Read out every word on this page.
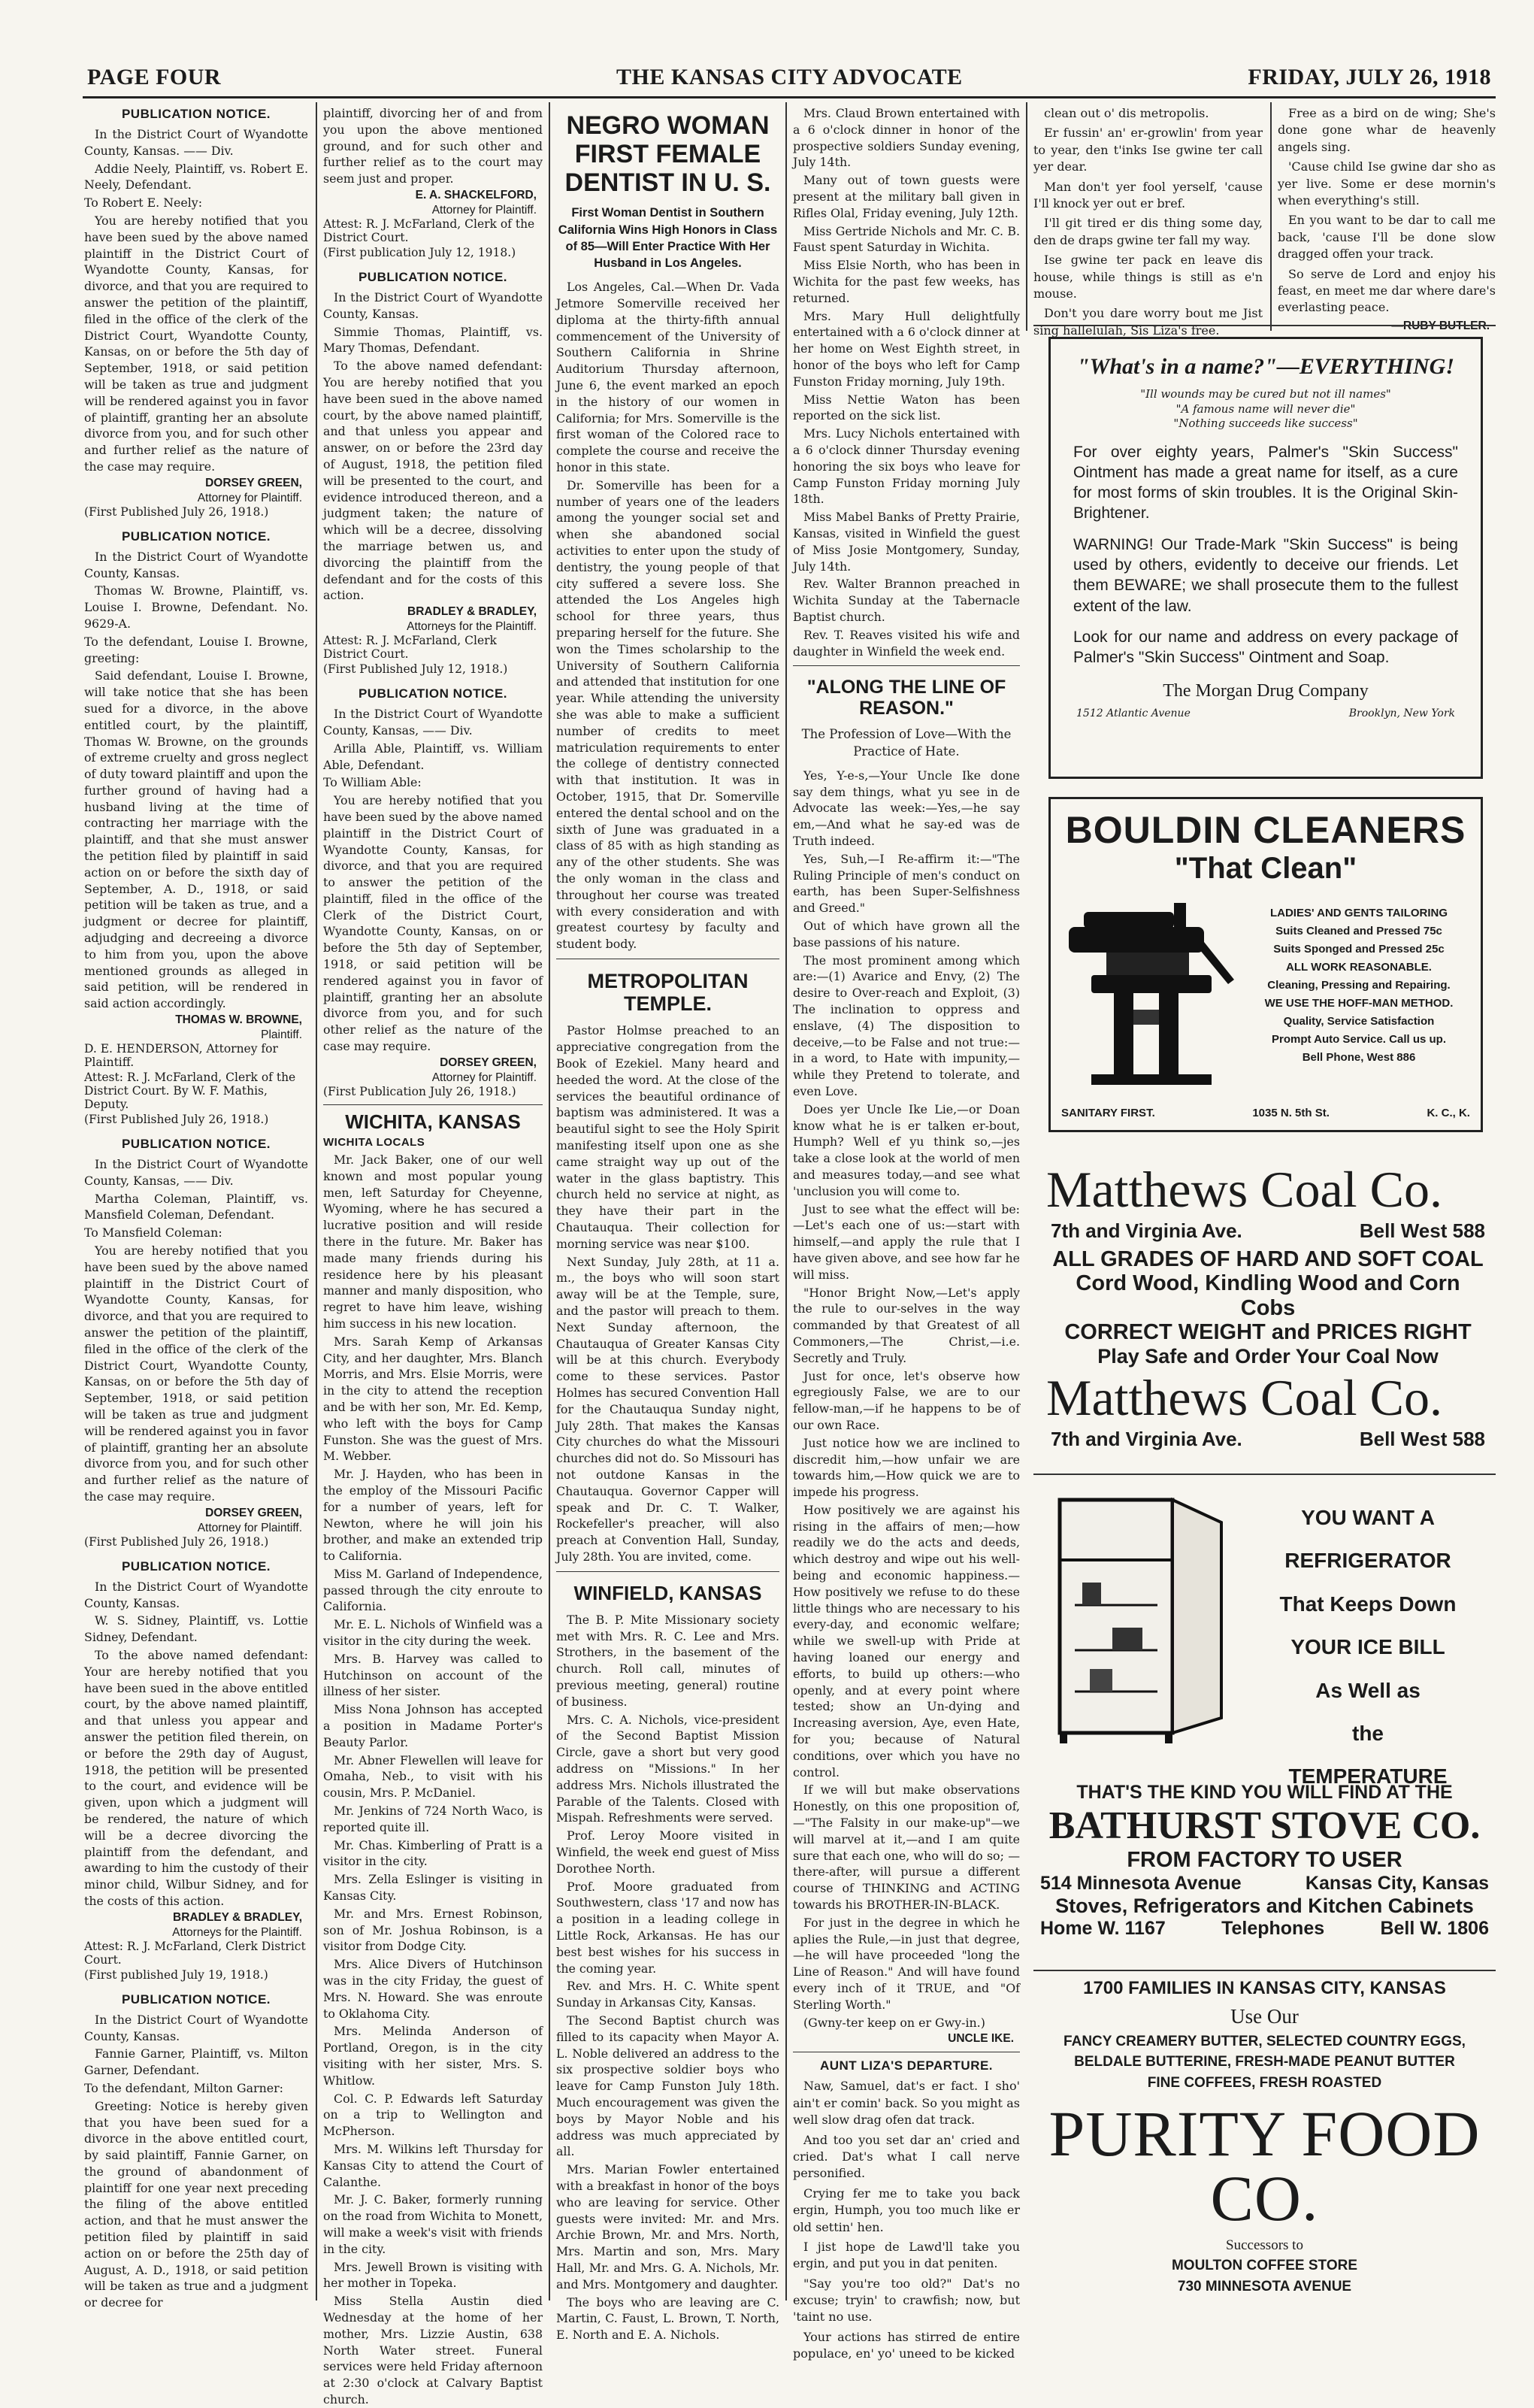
PAGE FOUR	THE KANSAS CITY ADVOCATE	FRIDAY, JULY 26, 1918
PUBLICATION NOTICE.

In the District Court of Wyandotte County, Kansas. —— Div.

Addie Neely, Plaintiff, vs. Robert E. Neely, Defendant.

To Robert E. Neely:

You are hereby notified that you have been sued by the above named plaintiff in the District Court of Wyandotte County, Kansas, for divorce, and that you are required to answer the petition of the plaintiff, filed in the office of the clerk of the District Court, Wyandotte County, Kansas, on or before the 5th day of September, 1918, or said petition will be taken as true and judgment will be rendered against you in favor of plaintiff, granting her an absolute divorce from you, and for such other and further relief as the nature of the case may require.

DORSEY GREEN,
Attorney for Plaintiff.

(First Published July 26, 1918.)

PUBLICATION NOTICE.

In the District Court of Wyandotte County, Kansas.

Thomas W. Browne, Plaintiff, vs. Louise I. Browne, Defendant. No. 9629-A.

To the defendant, Louise I. Browne, greeting:

Said defendant, Louise I. Browne, will take notice that she has been sued for a divorce, in the above entitled court, by the plaintiff, Thomas W. Browne, on the grounds of extreme cruelty and gross neglect of duty toward plaintiff and upon the further ground of having had a husband living at the time of contracting her marriage with the plaintiff, and that she must answer the petition filed by plaintiff in said action on or before the sixth day of September, A. D., 1918, or said petition will be taken as true, and a judgment or decree for plaintiff, adjudging and decreeing a divorce to him from you, upon the above mentioned grounds as alleged in said petition, will be rendered in said action accordingly.

THOMAS W. BROWNE,
Plaintiff.

D. E. HENDERSON, Attorney for Plaintiff.

Attest: R. J. McFarland, Clerk of the District Court. By W. F. Mathis, Deputy.

(First Published July 26, 1918.)

PUBLICATION NOTICE.

In the District Court of Wyandotte County, Kansas, —— Div.

Martha Coleman, Plaintiff, vs. Mansfield Coleman, Defendant.

To Mansfield Coleman:

You are hereby notified that you have been sued by the above named plaintiff in the District Court of Wyandotte County, Kansas, for divorce, and that you are required to answer the petition of the plaintiff, filed in the office of the clerk of the District Court, Wyandotte County, Kansas, on or before the 5th day of September, 1918, or said petition will be taken as true and judgment will be rendered against you in favor of plaintiff, granting her an absolute divorce from you, and for such other and further relief as the nature of the case may require.

DORSEY GREEN,
Attorney for Plaintiff.

(First Published July 26, 1918.)

PUBLICATION NOTICE.

In the District Court of Wyandotte County, Kansas.

W. S. Sidney, Plaintiff, vs. Lottie Sidney, Defendant.

To the above named defendant: Your are hereby notified that you have been sued in the above entitled court, by the above named plaintiff, and that unless you appear and answer the petition filed therein, on or before the 29th day of August, 1918, the petition will be presented to the court, and evidence will be given, upon which a judgment will be rendered, the nature of which will be a decree divorcing the plaintiff from the defendant, and awarding to him the custody of their minor child, Wilbur Sidney, and for the costs of this action.

BRADLEY & BRADLEY,
Attorneys for the Plaintiff.

Attest: R. J. McFarland, Clerk District Court.

(First published July 19, 1918.)

PUBLICATION NOTICE.

In the District Court of Wyandotte County, Kansas.

Fannie Garner, Plaintiff, vs. Milton Garner, Defendant.

To the defendant, Milton Garner:

Greeting: Notice is hereby given that you have been sued for a divorce in the above entitled court, by said plaintiff, Fannie Garner, on the ground of abandonment of plaintiff for one year next preceding the filing of the above entitled action, and that he must answer the petition filed by plaintiff in said action on or before the 25th day of August, A. D., 1918, or said petition will be taken as true and a judgment or decree for

plaintiff, divorcing her of and from you upon the above mentioned ground, and for such other and further relief as to the court may seem just and proper.

E. A. SHACKELFORD,
Attorney for Plaintiff.

Attest: R. J. McFarland, Clerk of the District Court.

(First publication July 12, 1918.)

PUBLICATION NOTICE.

In the District Court of Wyandotte County, Kansas.

Simmie Thomas, Plaintiff, vs. Mary Thomas, Defendant.

To the above named defendant: You are hereby notified that you have been sued in the above named court, by the above named plaintiff, and that unless you appear and answer, on or before the 23rd day of August, 1918, the petition filed will be presented to the court, and evidence introduced thereon, and a judgment taken; the nature of which will be a decree, dissolving the marriage betwen us, and divorcing the plaintiff from the defendant and for the costs of this action.

BRADLEY & BRADLEY,
Attorneys for the Plaintiff.

Attest: R. J. McFarland, Clerk District Court.

(First Published July 12, 1918.)

PUBLICATION NOTICE.

In the District Court of Wyandotte County, Kansas, —— Div.

Arilla Able, Plaintiff, vs. William Able, Defendant.

To William Able:

You are hereby notified that you have been sued by the above named plaintiff in the District Court of Wyandotte County, Kansas, for divorce, and that you are required to answer the petition of the plaintiff, filed in the office of the Clerk of the District Court, Wyandotte County, Kansas, on or before the 5th day of September, 1918, or said petition will be rendered against you in favor of plaintiff, granting her an absolute divorce from you, and for such other relief as the nature of the case may require.

DORSEY GREEN,
Attorney for Plaintiff.

(First Publication July 26, 1918.)

WICHITA, KANSAS
WICHITA LOCALS

Mr. Jack Baker, one of our well known and most popular young men, left Saturday for Cheyenne, Wyoming, where he has secured a lucrative position and will reside there in the future. Mr. Baker has made many friends during his residence here by his pleasant manner and manly disposition, who regret to have him leave, wishing him success in his new location.

Mrs. Sarah Kemp of Arkansas City, and her daughter, Mrs. Blanch Morris, and Mrs. Elsie Morris, were in the city to attend the reception and be with her son, Mr. Ed. Kemp, who left with the boys for Camp Funston. She was the guest of Mrs. M. Webber.

Mr. J. Hayden, who has been in the employ of the Missouri Pacific for a number of years, left for Newton, where he will join his brother, and make an extended trip to California.

Miss M. Garland of Independence, passed through the city enroute to California.

Mr. E. L. Nichols of Winfield was a visitor in the city during the week.

Mrs. B. Harvey was called to Hutchinson on account of the illness of her sister.

Miss Nona Johnson has accepted a position in Madame Porter's Beauty Parlor.

Mr. Abner Flewellen will leave for Omaha, Neb., to visit with his cousin, Mrs. P. McDaniel.

Mr. Jenkins of 724 North Waco, is reported quite ill.

Mr. Chas. Kimberling of Pratt is a visitor in the city.

Mrs. Zella Eslinger is visiting in Kansas City.

Mr. and Mrs. Ernest Robinson, son of Mr. Joshua Robinson, is a visitor from Dodge City.

Mrs. Alice Divers of Hutchinson was in the city Friday, the guest of Mrs. N. Howard. She was enroute to Oklahoma City.

Mrs. Melinda Anderson of Portland, Oregon, is in the city visiting with her sister, Mrs. S. Whitlow.

Col. C. P. Edwards left Saturday on a trip to Wellington and McPherson.

Mrs. M. Wilkins left Thursday for Kansas City to attend the Court of Calanthe.

Mr. J. C. Baker, formerly running on the road from Wichita to Monett, will make a week's visit with friends in the city.

Mrs. Jewell Brown is visiting with her mother in Topeka.

Miss Stella Austin died Wednesday at the home of her mother, Mrs. Lizzie Austin, 638 North Water street. Funeral services were held Friday afternoon at 2:30 o'clock at Calvary Baptist church.

NEGRO WOMAN FIRST FEMALE DENTIST IN U. S.
First Woman Dentist in Southern California Wins High Honors in Class of 85—Will Enter Practice With Her Husband in Los Angeles.

Los Angeles, Cal.—When Dr. Vada Jetmore Somerville received her diploma at the thirty-fifth annual commencement of the University of Southern California in Shrine Auditorium Thursday afternoon, June 6, the event marked an epoch in the history of our women in California; for Mrs. Somerville is the first woman of the Colored race to complete the course and receive the honor in this state.

Dr. Somerville has been for a number of years one of the leaders among the younger social set and when she abandoned social activities to enter upon the study of dentistry, the young people of that city suffered a severe loss. She attended the Los Angeles high school for three years, thus preparing herself for the future. She won the Times scholarship to the University of Southern California and attended that institution for one year. While attending the university she was able to make a sufficient number of credits to meet matriculation requirements to enter the college of dentistry connected with that institution. It was in October, 1915, that Dr. Somerville entered the dental school and on the sixth of June was graduated in a class of 85 with as high standing as any of the other students. She was the only woman in the class and throughout her course was treated with every consideration and with greatest courtesy by faculty and student body.

METROPOLITAN TEMPLE.

Pastor Holmse preached to an appreciative congregation from the Book of Ezekiel. Many heard and heeded the word. At the close of the services the beautiful ordinance of baptism was administered. It was a beautiful sight to see the Holy Spirit manifesting itself upon one as she came straight way up out of the water in the glass baptistry. This church held no service at night, as they have their part in the Chautauqua. Their collection for morning service was near $100.

Next Sunday, July 28th, at 11 a. m., the boys who will soon start away will be at the Temple, sure, and the pastor will preach to them. Next Sunday afternoon, the Chautauqua of Greater Kansas City will be at this church. Everybody come to these services. Pastor Holmes has secured Convention Hall for the Chautauqua Sunday night, July 28th. That makes the Kansas City churches do what the Missouri churches did not do. So Missouri has not outdone Kansas in the Chautauqua. Governor Capper will speak and Dr. C. T. Walker, Rockefeller's preacher, will also preach at Convention Hall, Sunday, July 28th. You are invited, come.

WINFIELD, KANSAS

The B. P. Mite Missionary society met with Mrs. R. C. Lee and Mrs. Strothers, in the basement of the church. Roll call, minutes of previous meeting, general) routine of business.

Mrs. C. A. Nichols, vice-president of the Second Baptist Mission Circle, gave a short but very good address on "Missions." In her address Mrs. Nichols illustrated the Parable of the Talents. Closed with Mispah. Refreshments were served.

Prof. Leroy Moore visited in Winfield, the week end guest of Miss Dorothee North.

Prof. Moore graduated from Southwestern, class '17 and now has a position in a leading college in Little Rock, Arkansas. He has our best best wishes for his success in the coming year.

Rev. and Mrs. H. C. White spent Sunday in Arkansas City, Kansas.

The Second Baptist church was filled to its capacity when Mayor A. L. Noble delivered an address to the six prospective soldier boys who leave for Camp Funston July 18th. Much encouragement was given the boys by Mayor Noble and his address was much appreciated by all.

Mrs. Marian Fowler entertained with a breakfast in honor of the boys who are leaving for service. Other guests were invited: Mr. and Mrs. Archie Brown, Mr. and Mrs. North, Mrs. Martin and son, Mrs. Mary Hall, Mr. and Mrs. G. A. Nichols, Mr. and Mrs. Montgomery and daughter.

The boys who are leaving are C. Martin, C. Faust, L. Brown, T. North, E. North and E. A. Nichols.

Mrs. Claud Brown entertained with a 6 o'clock dinner in honor of the prospective soldiers Sunday evening, July 14th.

Many out of town guests were present at the military ball given in Rifles Olal, Friday evening, July 12th.

Miss Gertride Nichols and Mr. C. B. Faust spent Saturday in Wichita.

Miss Elsie North, who has been in Wichita for the past few weeks, has returned.

Mrs. Mary Hull delightfully entertained with a 6 o'clock dinner at her home on West Eighth street, in honor of the boys who left for Camp Funston Friday morning, July 19th.

Miss Nettie Waton has been reported on the sick list.

Mrs. Lucy Nichols entertained with a 6 o'clock dinner Thursday evening honoring the six boys who leave for Camp Funston Friday morning July 18th.

Miss Mabel Banks of Pretty Prairie, Kansas, visited in Winfield the guest of Miss Josie Montgomery, Sunday, July 14th.

Rev. Walter Brannon preached in Wichita Sunday at the Tabernacle Baptist church.

Rev. T. Reaves visited his wife and daughter in Winfield the week end.

"ALONG THE LINE OF REASON."
The Profession of Love—With the Practice of Hate.

Yes, Y-e-s,—Your Uncle Ike done say dem things, what yu see in de Advocate las week:—Yes,—he say em,—And what he say-ed was de Truth indeed.

Yes, Suh,—I Re-affirm it:—"The Ruling Principle of men's conduct on earth, has been Super-Selfishness and Greed."

Out of which have grown all the base passions of his nature.

The most prominent among which are:—(1) Avarice and Envy, (2) The desire to Over-reach and Exploit, (3) The inclination to oppress and enslave, (4) The disposition to deceive,—to be False and not true:—in a word, to Hate with impunity,—while they Pretend to tolerate, and even Love.

Does yer Uncle Ike Lie,—or Doan know what he is er talken er-bout, Humph? Well ef yu think so,—jes take a close look at the world of men and measures today,—and see what 'unclusion you will come to.

Just to see what the effect will be: —Let's each one of us:—start with himself,—and apply the rule that I have given above, and see how far he will miss.

"Honor Bright Now,—Let's apply the rule to our-selves in the way commanded by that Greatest of all Commoners,—The Christ,—i.e. Secretly and Truly.

Just for once, let's observe how egregiously False, we are to our fellow-man,—if he happens to be of our own Race.

Just notice how we are inclined to discredit him,—how unfair we are towards him,—How quick we are to impede his progress.

How positively we are against his rising in the affairs of men;—how readily we do the acts and deeds, which destroy and wipe out his well-being and economic happiness.—How positively we refuse to do these little things who are necessary to his every-day, and economic welfare; while we swell-up with Pride at having loaned our energy and efforts, to build up others:—who openly, and at every point where tested; show an Un-dying and Increasing aversion, Aye, even Hate, for you; because of Natural conditions, over which you have no control.

If we will but make observations Honestly, on this one proposition of, —"The Falsity in our make-up"—we will marvel at it,—and I am quite sure that each one, who will do so; —there-after, will pursue a different course of THINKING and ACTING towards his BROTHER-IN-BLACK.

For just in the degree in which he aplies the Rule,—in just that degree,—he will have proceeded "long the Line of Reason." And will have found every inch of it TRUE, and "Of Sterling Worth."

(Gwny-ter keep on er Gwy-in.)

UNCLE IKE.
AUNT LIZA'S DEPARTURE.

Naw, Samuel, dat's er fact. I sho' ain't er comin' back. So you might as well slow drag ofen dat track.

And too you set dar an' cried and cried. Dat's what I call nerve personified.

Crying fer me to take you back ergin, Humph, you too much like er old settin' hen.

I jist hope de Lawd'll take you ergin, and put you in dat peniten.

"Say you're too old?" Dat's no excuse; tryin' to crawfish; now, but 'taint no use.

Your actions has stirred de entire populace, en' yo' uneed to be kicked

clean out o' dis metropolis.

Er fussin' an' er-growlin' from year to year, den t'inks Ise gwine ter call yer dear.

Man don't yer fool yerself, 'cause I'll knock yer out er bref.

I'll git tired er dis thing some day, den de draps gwine ter fall my way.

Ise gwine ter pack en leave dis house, while things is still as e'n mouse.

Don't you dare worry bout me Jist sing hallelulah, Sis Liza's free.

Free as a bird on de wing; She's done gone whar de heavenly angels sing.

'Cause child Ise gwine dar sho as yer live. Some er dese mornin's when everything's still.

En you want to be dar to call me back, 'cause I'll be done slow dragged offen your track.

So serve de Lord and enjoy his feast, en meet me dar where dare's everlasting peace.

—RUBY BUTLER.
"What's in a name?"—EVERYTHING!
"Ill wounds may be cured but not ill names"
"A famous name will never die"
"Nothing succeeds like success"

For over eighty years, Palmer's "Skin Success" Ointment has made a great name for itself, as a cure for most forms of skin troubles. It is the Original Skin-Brightener.

WARNING! Our Trade-Mark "Skin Success" is being used by others, evidently to deceive our friends. Let them BEWARE; we shall prosecute them to the fullest extent of the law.

Look for our name and address on every package of Palmer's "Skin Success" Ointment and Soap.

The Morgan Drug Company
1512 Atlantic Avenue	Brooklyn, New York
BOULDIN CLEANERS
"That Clean"
LADIES' AND GENTS TAILORING
Suits Cleaned and Pressed 75c
Suits Sponged and Pressed 25c
ALL WORK REASONABLE.
Cleaning, Pressing and Repairing.
WE USE THE HOFF-MAN METHOD.
Quality, Service Satisfaction
Prompt Auto Service. Call us up.
Bell Phone, West 886
SANITARY FIRST.	1035 N. 5th St.	K. C., K.
Matthews Coal Co.
7th and Virginia Ave.	Bell West 588
ALL GRADES OF HARD AND SOFT COAL
Cord Wood, Kindling Wood and Corn Cobs
CORRECT WEIGHT and PRICES RIGHT
Play Safe and Order Your Coal Now
Matthews Coal Co.
7th and Virginia Ave.	Bell West 588
YOU WANT A
REFRIGERATOR
That Keeps Down
YOUR ICE BILL
As Well as
the
TEMPERATURE
THAT'S THE KIND YOU WILL FIND AT THE
BATHURST STOVE CO.
FROM FACTORY TO USER
514 Minnesota Avenue	Kansas City, Kansas
Stoves, Refrigerators and Kitchen Cabinets
Home W. 1167	Telephones	Bell W. 1806
1700 FAMILIES IN KANSAS CITY, KANSAS
Use Our
FANCY CREAMERY BUTTER, SELECTED COUNTRY EGGS,
BELDALE BUTTERINE, FRESH-MADE PEANUT BUTTER
FINE COFFEES, FRESH ROASTED
PURITY FOOD CO.
Successors to
MOULTON COFFEE STORE
730 MINNESOTA AVENUE
